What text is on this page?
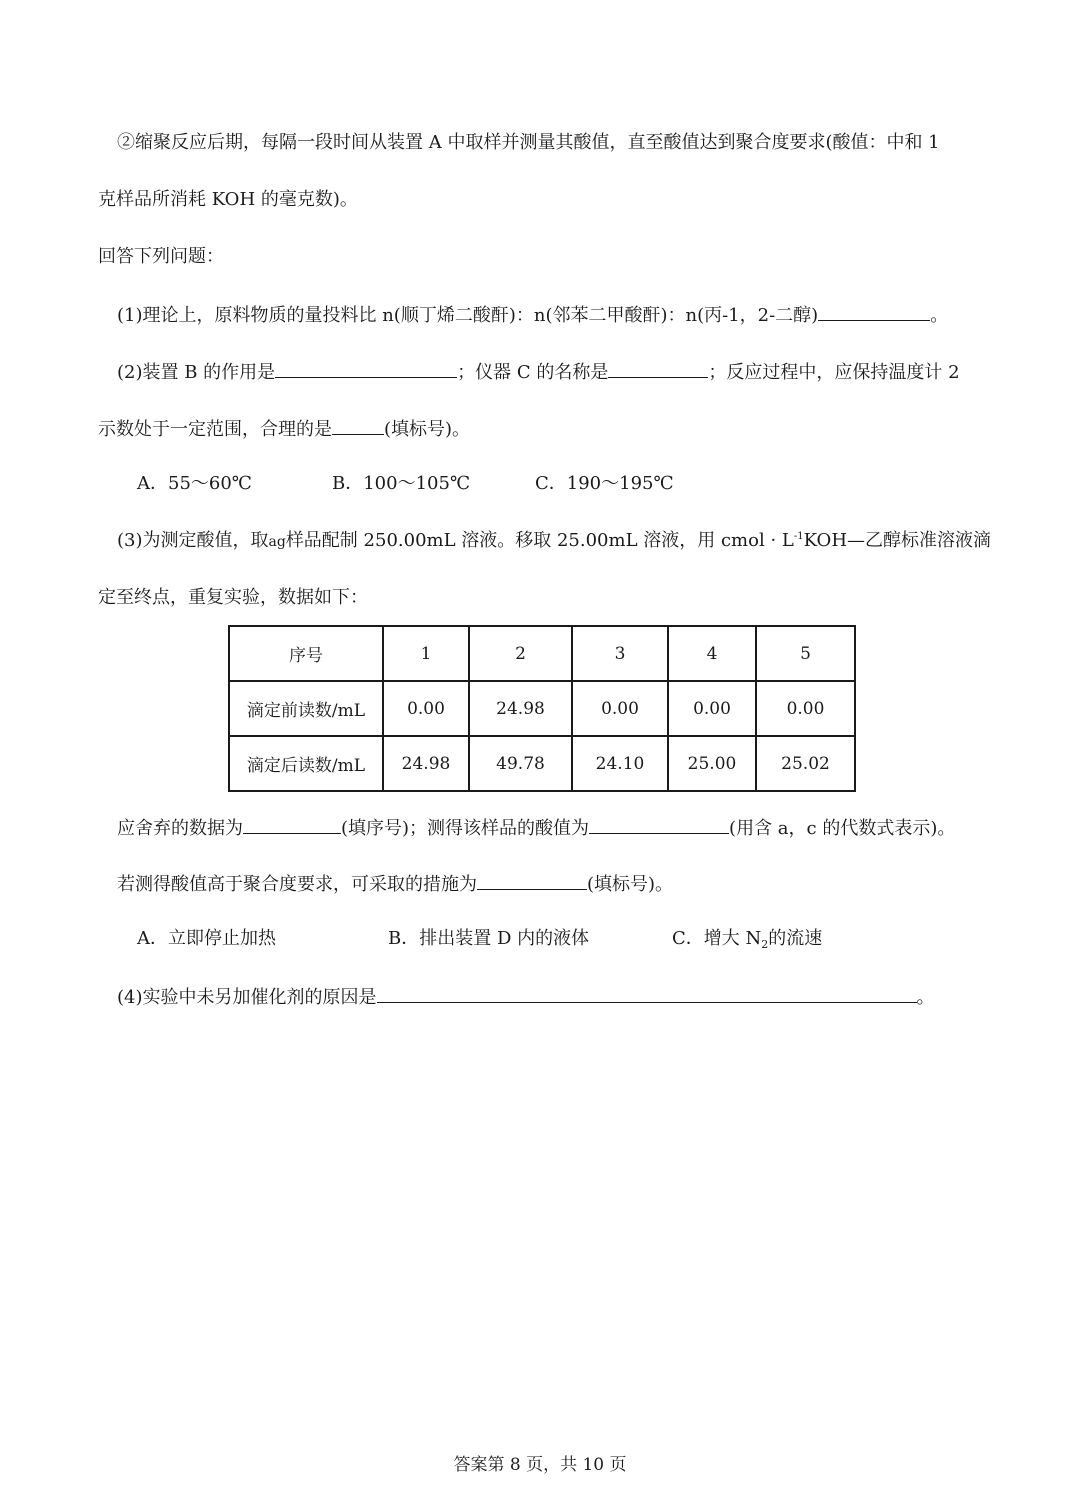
②缩聚反应后期，每隔一段时间从装置 A 中取样并测量其酸值，直至酸值达到聚合度要求(酸值：中和 1
克样品所消耗 KOH 的毫克数)。
回答下列问题：
(1)理论上，原料物质的量投料比 n(顺丁烯二酸酐)：n(邻苯二甲酸酐)：n(丙-1，2-二醇)	。
(2)装置 B 的作用是	；仪器 C 的名称是	；反应过程中，应保持温度计 2
示数处于一定范围，合理的是	(填标号)。
A．55～60℃	B．100～105℃	C．190～195℃
(3)为测定酸值，取ag样品配制 250.00mL 溶液。移取 25.00mL 溶液，用 cmol · $L^{-1}KOH—$乙醇标准溶液滴
定至终点，重复实验，数据如下：
序号	1	2	3	4	5
滴定前读数/mL	0.00	24.98	0.00	0.00	0.00
滴定后读数/mL	24.98	49.78	24.10	25.00	25.02
应舍弃的数据为	(填序号)；测得该样品的酸值为	(用含 a，c 的代数式表示)。
若测得酸值高于聚合度要求，可采取的措施为	(填标号)。
A．立即停止加热	B．排出装置 D 内的液体	C．增大 $N_2$的流速
(4)实验中未另加催化剂的原因是	。
答案第 8 页，共 10 页
